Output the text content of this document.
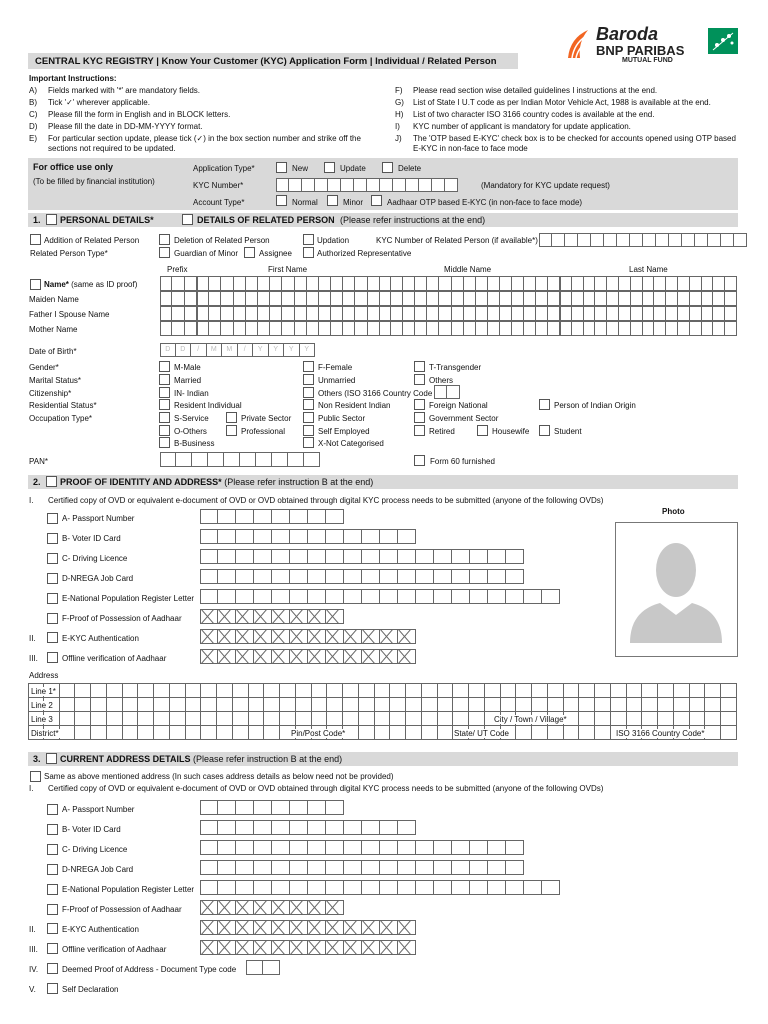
Baroda
BNP PARIBAS
MUTUAL FUND
CENTRAL KYC REGISTRY | Know Your Customer (KYC) Application Form | Individual / Related Person
Important Instructions:
A) Fields marked with '*' are mandatory fields.
B) Tick '✓' wherever applicable.
C) Please fill the form in English and in BLOCK letters.
D) Please fill the date in DD-MM-YYYY format.
E) For particular section update, please tick (✓) in the box section number and strike off the
sections not required to be updated.
F) Please read section wise detailed guidelines I instructions at the end.
G) List of State I U.T code as per Indian Motor Vehicle Act, 1988 is available at the end.
H) List of two character ISO 3166 country codes is available at the end.
I) KYC number of applicant is mandatory for update application.
J) The 'OTP based E-KYC' check box is to be checked for accounts opened using OTP based
E-KYC in non-face to face mode
For office use only
(To be filled by financial institution)
Application Type*	New	Update	Delete
KYC Number*	(Mandatory for KYC update request)
Account Type*	Normal	Minor	Aadhaar OTP based E-KYC (in non-face to face mode)
1. PERSONAL DETAILS*	DETAILS OF RELATED PERSON (Please refer instructions at the end)
Addition of Related Person	Deletion of Related Person	Updation	KYC Number of Related Person (if available*)
Related Person Type*	Guardian of Minor	Assignee	Authorized Representative
Prefix	First Name	Middle Name	Last Name
Name* (same as ID proof)
Maiden Name
Father I Spouse Name
Mother Name
Date of Birth*	D	D	/	M	M	/	Y	Y	Y	Y
Gender*	M-Male	F-Female	T-Transgender
Marital Status*	Married	Unmarried	Others
Citizenship*	IN- Indian	Others (ISO 3166 Country Code
Residential Status*	Resident Individual	Non Resident Indian	Foreign National	Person of Indian Origin
Occupation Type*	S-Service	Private Sector	Public Sector	Government Sector
O-Others	Professional	Self Employed	Retired	Housewife	Student
B-Business	X-Not Categorised
PAN*	Form 60 furnished
2. PROOF OF IDENTITY AND ADDRESS* (Please refer instruction B at the end)
I. Certified copy of OVD or equivalent e-document of OVD or OVD obtained through digital KYC process needs to be submitted (anyone of the following OVDs)
A- Passport Number
B- Voter ID Card
C- Driving Licence
D-NREGA Job Card
E-National Population Register Letter
F-Proof of Possession of Aadhaar
II.	E-KYC Authentication
III.	Offline verification of Aadhaar
Photo
Address
Line 1*
Line 2
Line 3	City / Town / Village*
District*	Pin/Post Code*	State/ UT Code	ISO 3166 Country Code*
3. CURRENT ADDRESS DETAILS (Please refer instruction B at the end)
Same as above mentioned address (In such cases address details as below need not be provided)
I. Certified copy of OVD or equivalent e-document of OVD or OVD obtained through digital KYC process needs to be submitted (anyone of the following OVDs)
A- Passport Number
B- Voter ID Card
C- Driving Licence
D-NREGA Job Card
E-National Population Register Letter
F-Proof of Possession of Aadhaar
II.	E-KYC Authentication
III.	Offline verification of Aadhaar
IV.	Deemed Proof of Address - Document Type code
V.	Self Declaration
